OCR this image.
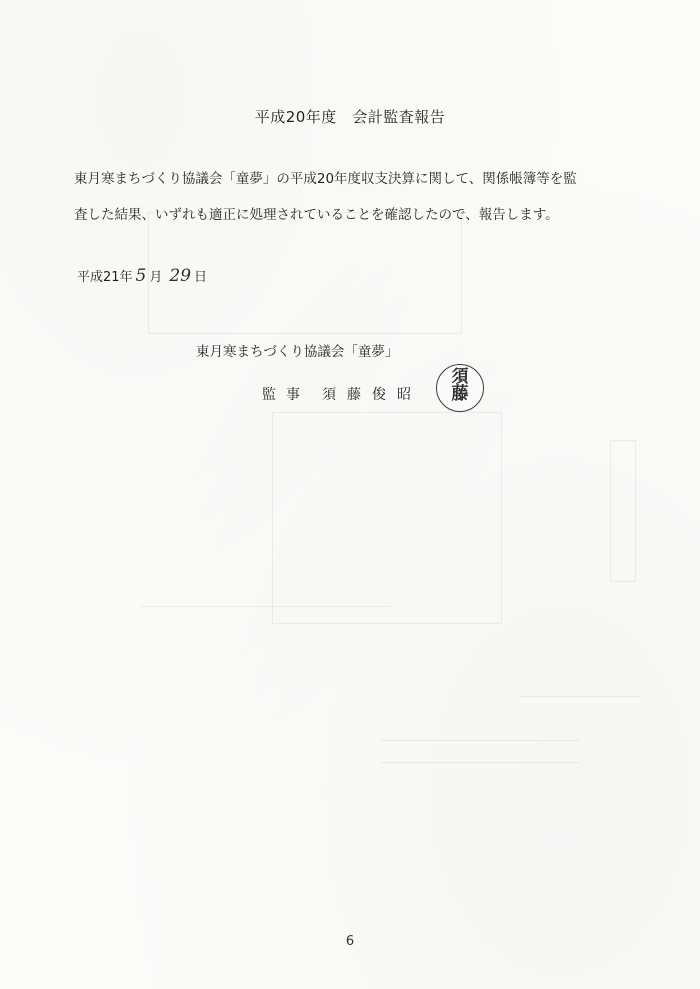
平成20年度　会計監査報告
東月寒まちづくり協議会「童夢」の平成20年度収支決算に関して、関係帳簿等を監
査した結果、いずれも適正に処理されていることを確認したので、報告します。
平成21年 5 月 29 日
東月寒まちづくり協議会「童夢」
監事 須藤俊昭
須
藤
6
